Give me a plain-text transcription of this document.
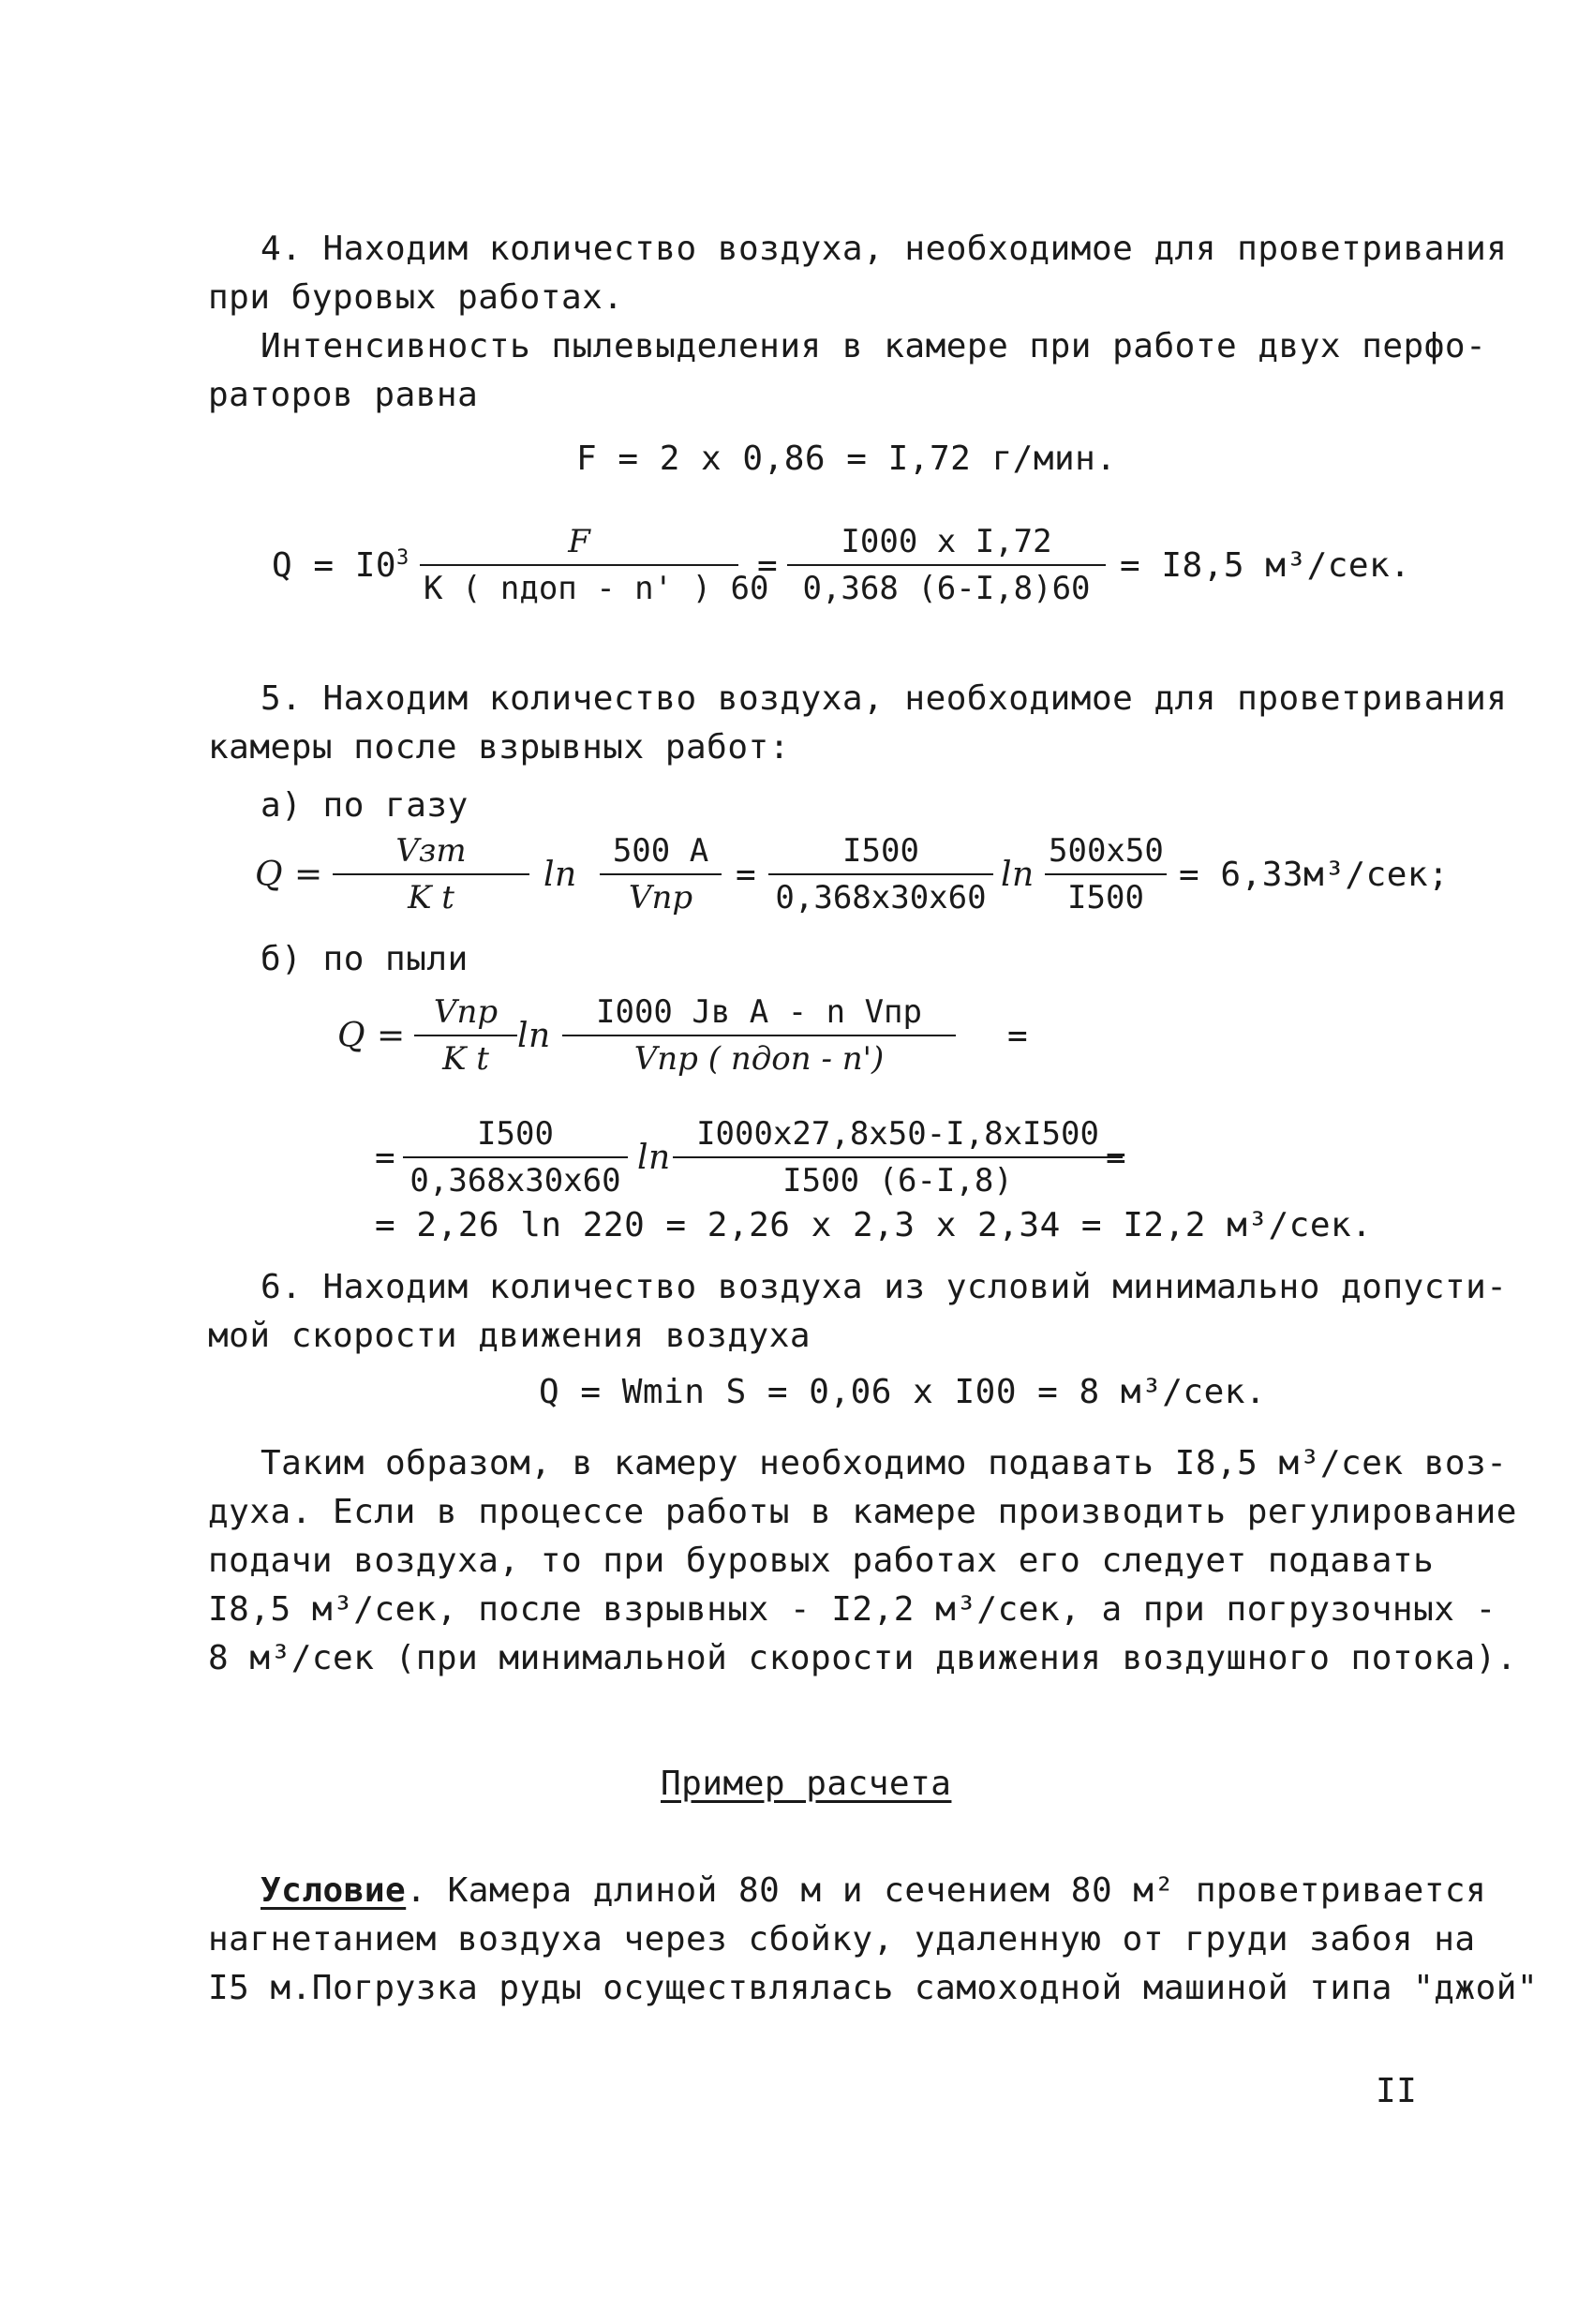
4. Находим количество воздуха, необходимое для проветривания
при буровых работах.
Интенсивность пылевыделения в камере при работе двух перфо-
раторов равна
F = 2 x 0,86 = I,72 г/мин.
$Q = I0^3$	F
K ( nдоп - n' ) 60
= $\frac{\text{I000 x I,72}}{0,368 (6-I,8)60} = I8,5$ м³/сек.
5. Находим количество воздуха, необходимое для проветривания
камеры после взрывных работ:
а) по газу
Q =
Vзт
K t
ln
500 A
Vпр
= $\frac{I500}{0,368x30x60}$ $\ln \frac{500x50}{I500} = 6,33м^3/сек$;
б) по пыли
Q =
Vпр
K t
ln
I000 Jв A - n Vпр
Vпр ( nдоп - n')
=
= $\frac{I500}{0,368x30x60}$ $\ln \frac{I000x27,8x50-I,8xI500}{I500 (6-I,8)}$
=
= 2,26 ln 220 = 2,26 x 2,3 x 2,34 = I2,2 м³/сек.
6. Находим количество воздуха из условий минимально допусти-
мой скорости движения воздуха
Q = Wmin S = 0,06 x I00 = 8 м³/сек.
Таким образом, в камеру необходимо подавать I8,5 м³/сек воз-
духа. Если в процессе работы в камере производить регулирование
подачи воздуха, то при буровых работах его следует подавать
I8,5 м³/сек, после взрывных - I2,2 м³/сек, а при погрузочных -
8 м³/сек (при минимальной скорости движения воздушного потока).
Пример расчета
Условие. Камера длиной 80 м и сечением 80 м² проветривается
нагнетанием воздуха через сбойку, удаленную от груди забоя на
I5 м.Погрузка руды осуществлялась самоходной машиной типа "джой"
II
